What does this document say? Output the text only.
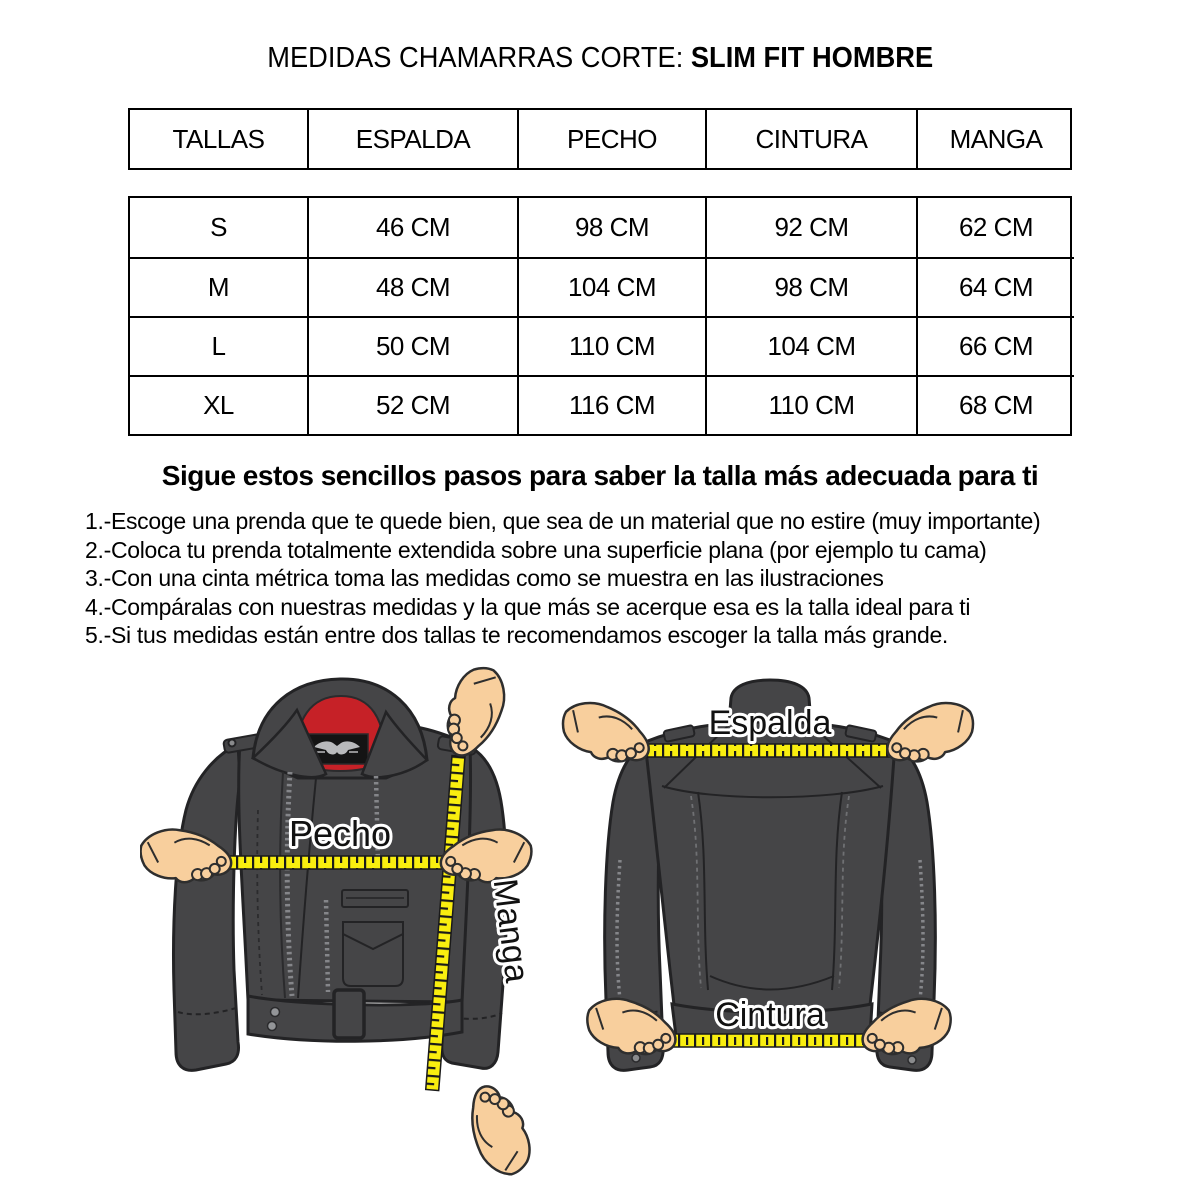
MEDIDAS CHAMARRAS CORTE: SLIM FIT HOMBRE
TALLAS	ESPALDA	PECHO	CINTURA	MANGA
S	46 CM	98 CM	92 CM	62 CM
M	48 CM	104 CM	98 CM	64 CM
L	50 CM	110 CM	104 CM	66 CM
XL	52 CM	116 CM	110 CM	68 CM
Sigue estos sencillos pasos para saber la talla más adecuada para ti
1.-Escoge una prenda que te quede bien, que sea de un material que no estire (muy importante)
2.-Coloca tu prenda totalmente extendida sobre una superficie plana (por ejemplo tu cama)
3.-Con una cinta métrica toma las medidas como se muestra en las ilustraciones
4.-Compáralas con nuestras medidas y la que más se acerque esa es la talla ideal para ti
5.-Si tus medidas están entre dos tallas te recomendamos escoger la talla más grande.
Pecho
Manga
Espalda
Cintura
